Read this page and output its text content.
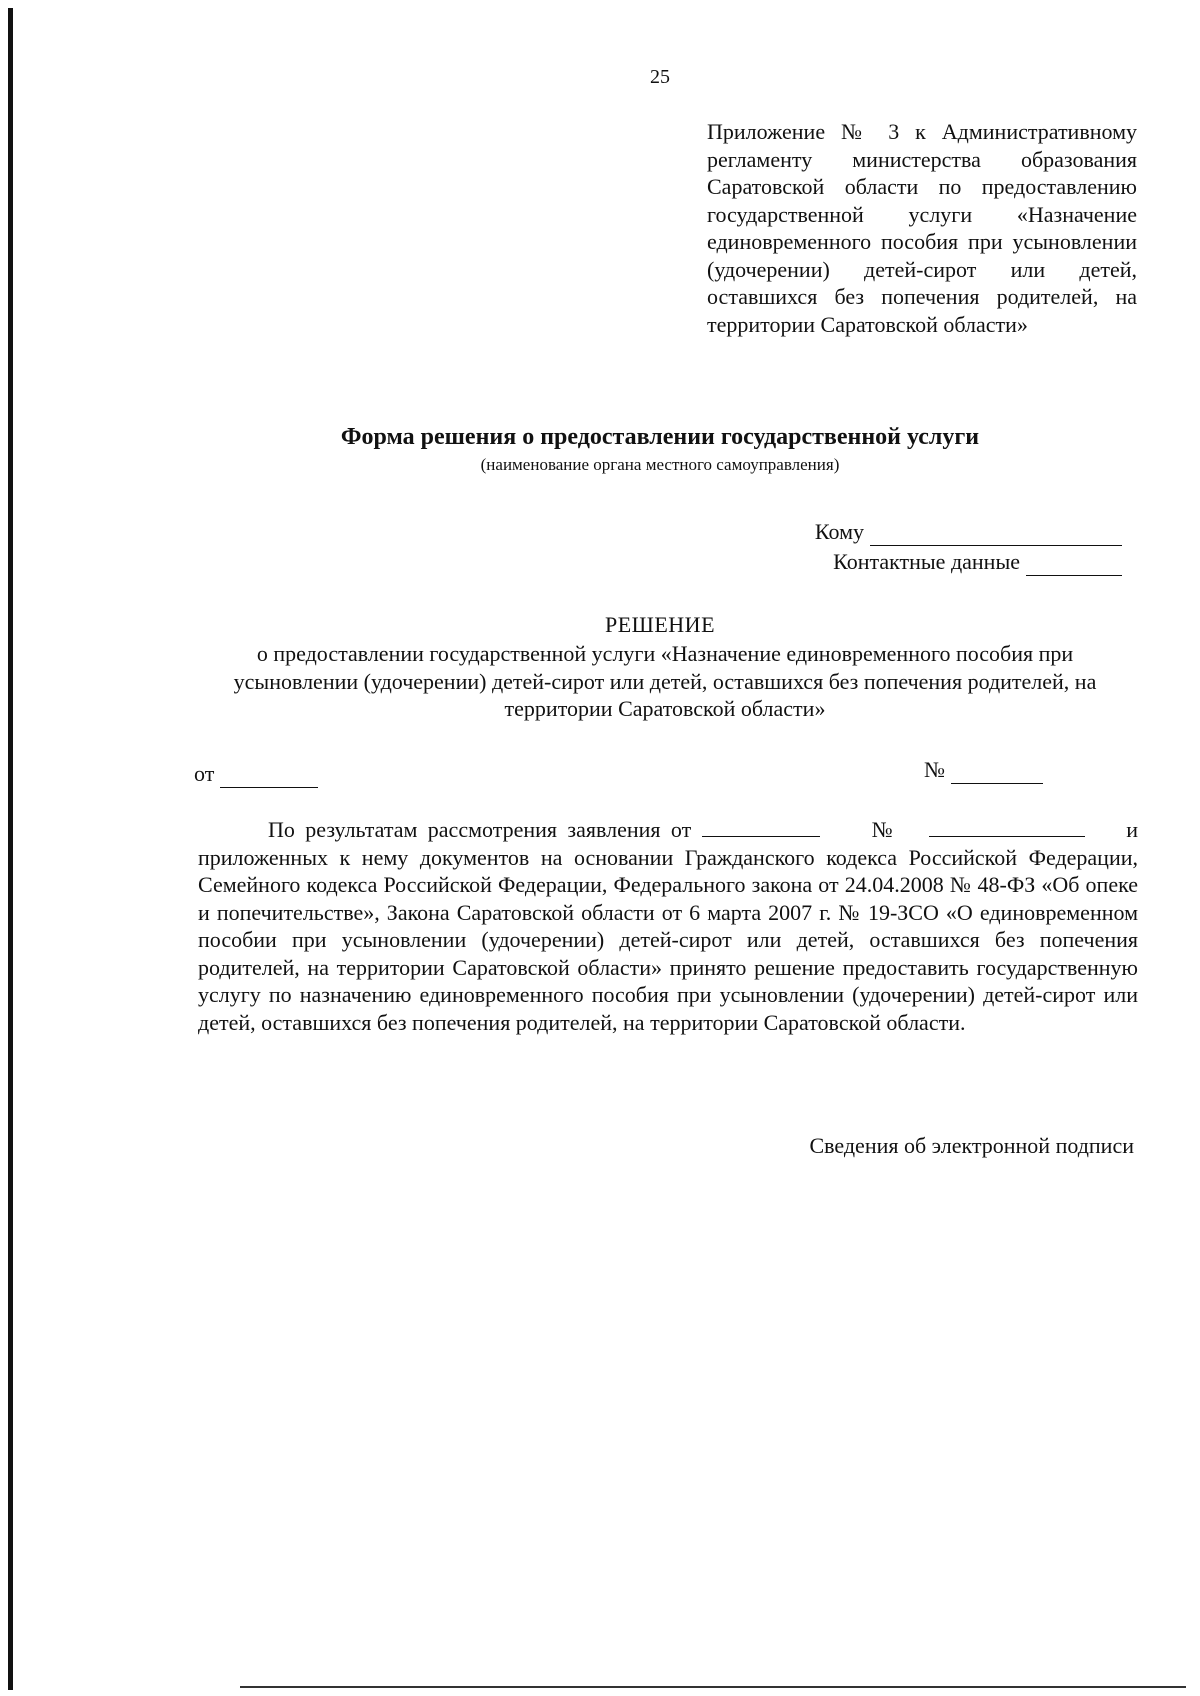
25
Приложение № 3 к Административному регламенту министерства образования Саратовской области по предоставлению государственной услуги «Назначение единовременного пособия при усыновлении (удочерении) детей-сирот или детей, оставшихся без попечения родителей, на территории Саратовской области»
Форма решения о предоставлении государственной услуги
(наименование органа местного самоуправления)
Кому
Контактные данные
РЕШЕНИЕ
о предоставлении государственной услуги «Назначение единовременного пособия при усыновлении (удочерении) детей-сирот или детей, оставшихся без попечения родителей, на территории Саратовской области»
от	№
По результатам рассмотрения заявления от	№	и приложенных к нему документов на основании Гражданского кодекса Российской Федерации, Семейного кодекса Российской Федерации, Федерального закона от 24.04.2008 № 48-ФЗ «Об опеке и попечительстве», Закона Саратовской области от 6 марта 2007 г. № 19-ЗСО «О единовременном пособии при усыновлении (удочерении) детей-сирот или детей, оставшихся без попечения родителей, на территории Саратовской области» принято решение предоставить государственную услугу по назначению единовременного пособия при усыновлении (удочерении) детей-сирот или детей, оставшихся без попечения родителей, на территории Саратовской области.
Сведения об электронной подписи
